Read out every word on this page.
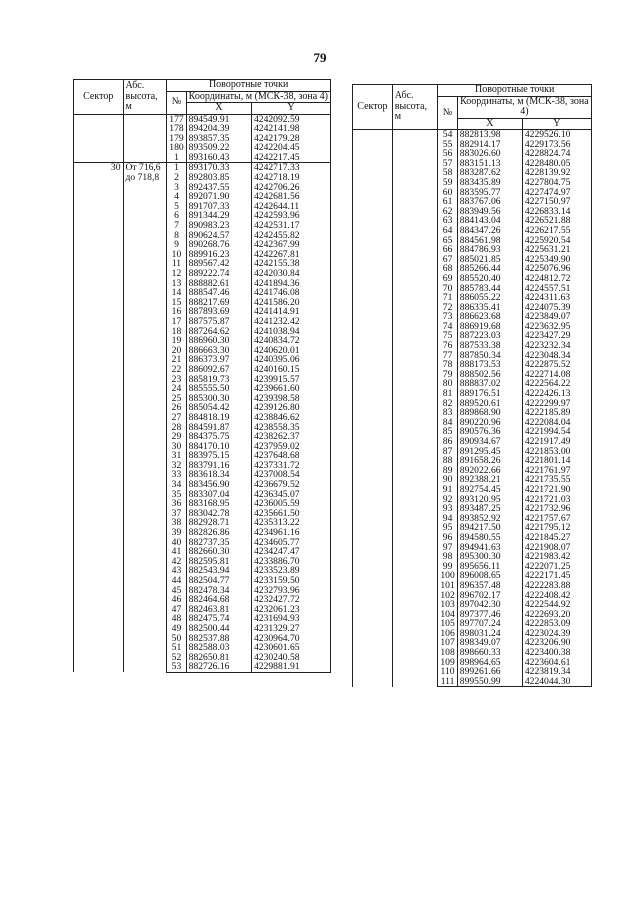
79
Сектор	Абс. высота, м	Поворотные точки		
		№	Координаты, м (МСК-38, зона 4)	
			X	Y
		177	894549.91	4242092.59
		178	894204.39	4242141.98
		179	893857.35	4242179.28
		180	893509.22	4242204.45
		1	893160.43	4242217.45
30	От 716,6 до 718,8	1	893170.33	4242717.33
		2	892803.85	4242718.19
		3	892437.55	4242706.26
		4	892071.90	4242681.56
		5	891707.33	4242644.11
		6	891344.29	4242593.96
		7	890983.23	4242531.17
		8	890624.57	4242455.82
		9	890268.76	4242367.99
		10	889916.23	4242267.81
		11	889567.42	4242155.38
		12	889222.74	4242030.84
		13	888882.61	4241894.36
		14	888547.46	4241746.08
		15	888217.69	4241586.20
		16	887893.69	4241414.91
		17	887575.87	4241232.42
		18	887264.62	4241038.94
		19	886960.30	4240834.72
		20	886663.30	4240620.01
		21	886373.97	4240395.06
		22	886092.67	4240160.15
		23	885819.73	4239915.57
		24	885555.50	4239661.60
		25	885300.30	4239398.58
		26	885054.42	4239126.80
		27	884818.19	4238846.62
		28	884591.87	4238558.35
		29	884375.75	4238262.37
		30	884170.10	4237959.02
		31	883975.15	4237648.68
		32	883791.16	4237331.72
		33	883618.34	4237008.54
		34	883456.90	4236679.52
		35	883307.04	4236345.07
		36	883168.95	4236005.59
		37	883042.78	4235661.50
		38	882928.71	4235313.22
		39	882826.86	4234961.16
		40	882737.35	4234605.77
		41	882660.30	4234247.47
		42	882595.81	4233886.70
		43	882543.94	4233523.89
		44	882504.77	4233159.50
		45	882478.34	4232793.96
		46	882464.68	4232427.72
		47	882463.81	4232061.23
		48	882475.74	4231694.93
		49	882500.44	4231329.27
		50	882537.88	4230964.70
		51	882588.03	4230601.65
		52	882650.81	4230240.58
		53	882726.16	4229881.91
Сектор	Абс. высота, м	Поворотные точки		
		№	Координаты, м (МСК-38, зона 4)	
			X	Y
		54	882813.98	4229526.10
		55	882914.17	4229173.56
		56	883026.60	4228824.74
		57	883151.13	4228480.05
		58	883287.62	4228139.92
		59	883435.89	4227804.75
		60	883595.77	4227474.97
		61	883767.06	4227150.97
		62	883949.56	4226833.14
		63	884143.04	4226521.88
		64	884347.26	4226217.55
		65	884561.98	4225920.54
		66	884786.93	4225631.21
		67	885021.85	4225349.90
		68	885266.44	4225076.96
		69	885520.40	4224812.72
		70	885783.44	4224557.51
		71	886055.22	4224311.63
		72	886335.41	4224075.39
		73	886623.68	4223849.07
		74	886919.68	4223632.95
		75	887223.03	4223427.29
		76	887533.38	4223232.34
		77	887850.34	4223048.34
		78	888173.53	4222875.52
		79	888502.56	4222714.08
		80	888837.02	4222564.22
		81	889176.51	4222426.13
		82	889520.61	4222299.97
		83	889868.90	4222185.89
		84	890220.96	4222084.04
		85	890576.36	4221994.54
		86	890934.67	4221917.49
		87	891295.45	4221853.00
		88	891658.26	4221801.14
		89	892022.66	4221761.97
		90	892388.21	4221735.55
		91	892754.45	4221721.90
		92	893120.95	4221721.03
		93	893487.25	4221732.96
		94	893852.92	4221757.67
		95	894217.50	4221795.12
		96	894580.55	4221845.27
		97	894941.63	4221908.07
		98	895300.30	4221983.42
		99	895656.11	4222071.25
		100	896008.65	4222171.45
		101	896357.48	4222283.88
		102	896702.17	4222408.42
		103	897042.30	4222544.92
		104	897377.46	4222693.20
		105	897707.24	4222853.09
		106	898031.24	4223024.39
		107	898349.07	4223206.90
		108	898660.33	4223400.38
		109	898964.65	4223604.61
		110	899261.66	4223819.34
		111	899550.99	4224044.30
